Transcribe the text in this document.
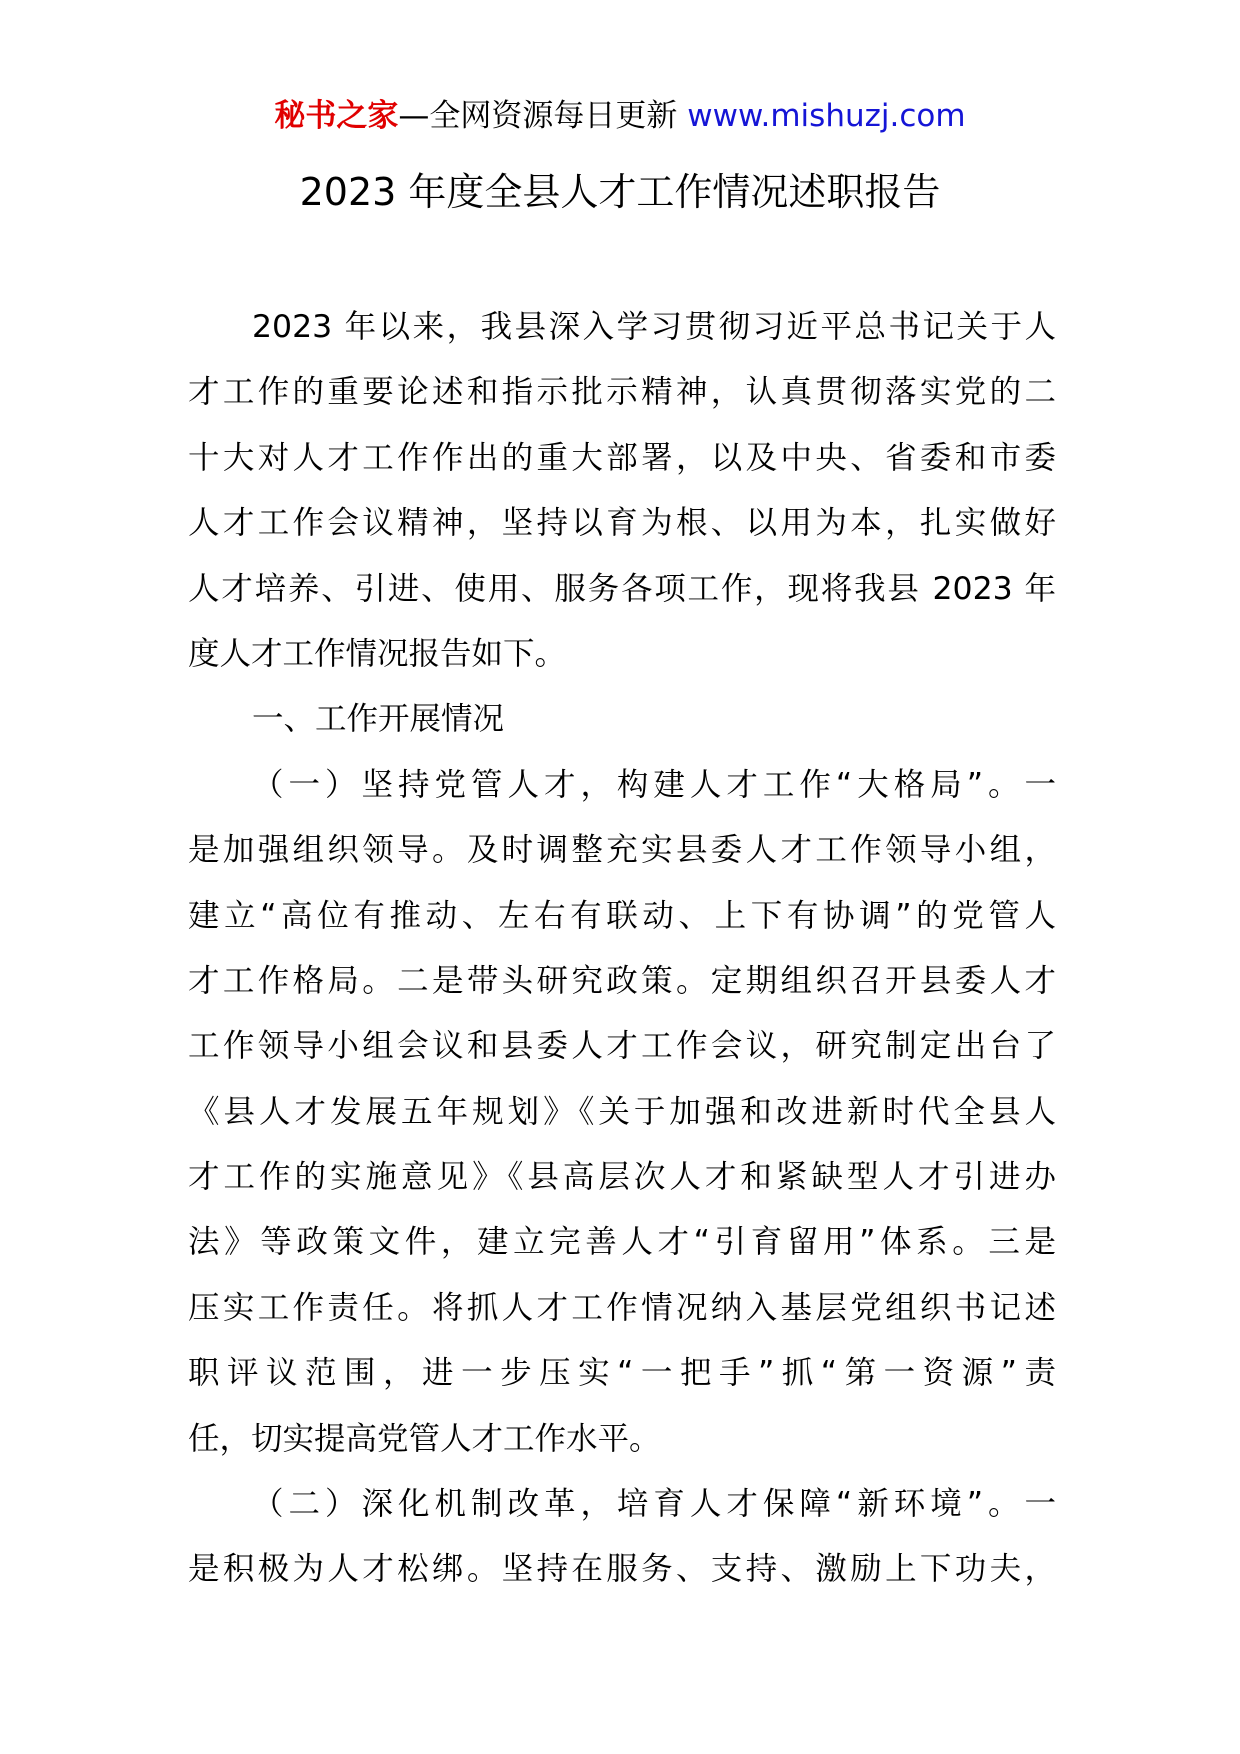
秘书之家—全网资源每日更新 www.mishuzj.com
2023 年度全县人才工作情况述职报告
2023 年以来，我县深入学习贯彻习近平总书记关于人
才工作的重要论述和指示批示精神，认真贯彻落实党的二
十大对人才工作作出的重大部署，以及中央、省委和市委
人才工作会议精神，坚持以育为根、以用为本，扎实做好
人才培养、引进、使用、服务各项工作，现将我县 2023 年
度人才工作情况报告如下。
一、工作开展情况
（一）坚持党管人才，构建人才工作“大格局”。一
是加强组织领导。及时调整充实县委人才工作领导小组，
建立“高位有推动、左右有联动、上下有协调”的党管人
才工作格局。二是带头研究政策。定期组织召开县委人才
工作领导小组会议和县委人才工作会议，研究制定出台了
《县人才发展五年规划》《关于加强和改进新时代全县人
才工作的实施意见》《县高层次人才和紧缺型人才引进办
法》等政策文件，建立完善人才“引育留用”体系。三是
压实工作责任。将抓人才工作情况纳入基层党组织书记述
职评议范围，进一步压实“一把手”抓“第一资源”责
任，切实提高党管人才工作水平。
（二）深化机制改革，培育人才保障“新环境”。一
是积极为人才松绑。坚持在服务、支持、激励上下功夫，
